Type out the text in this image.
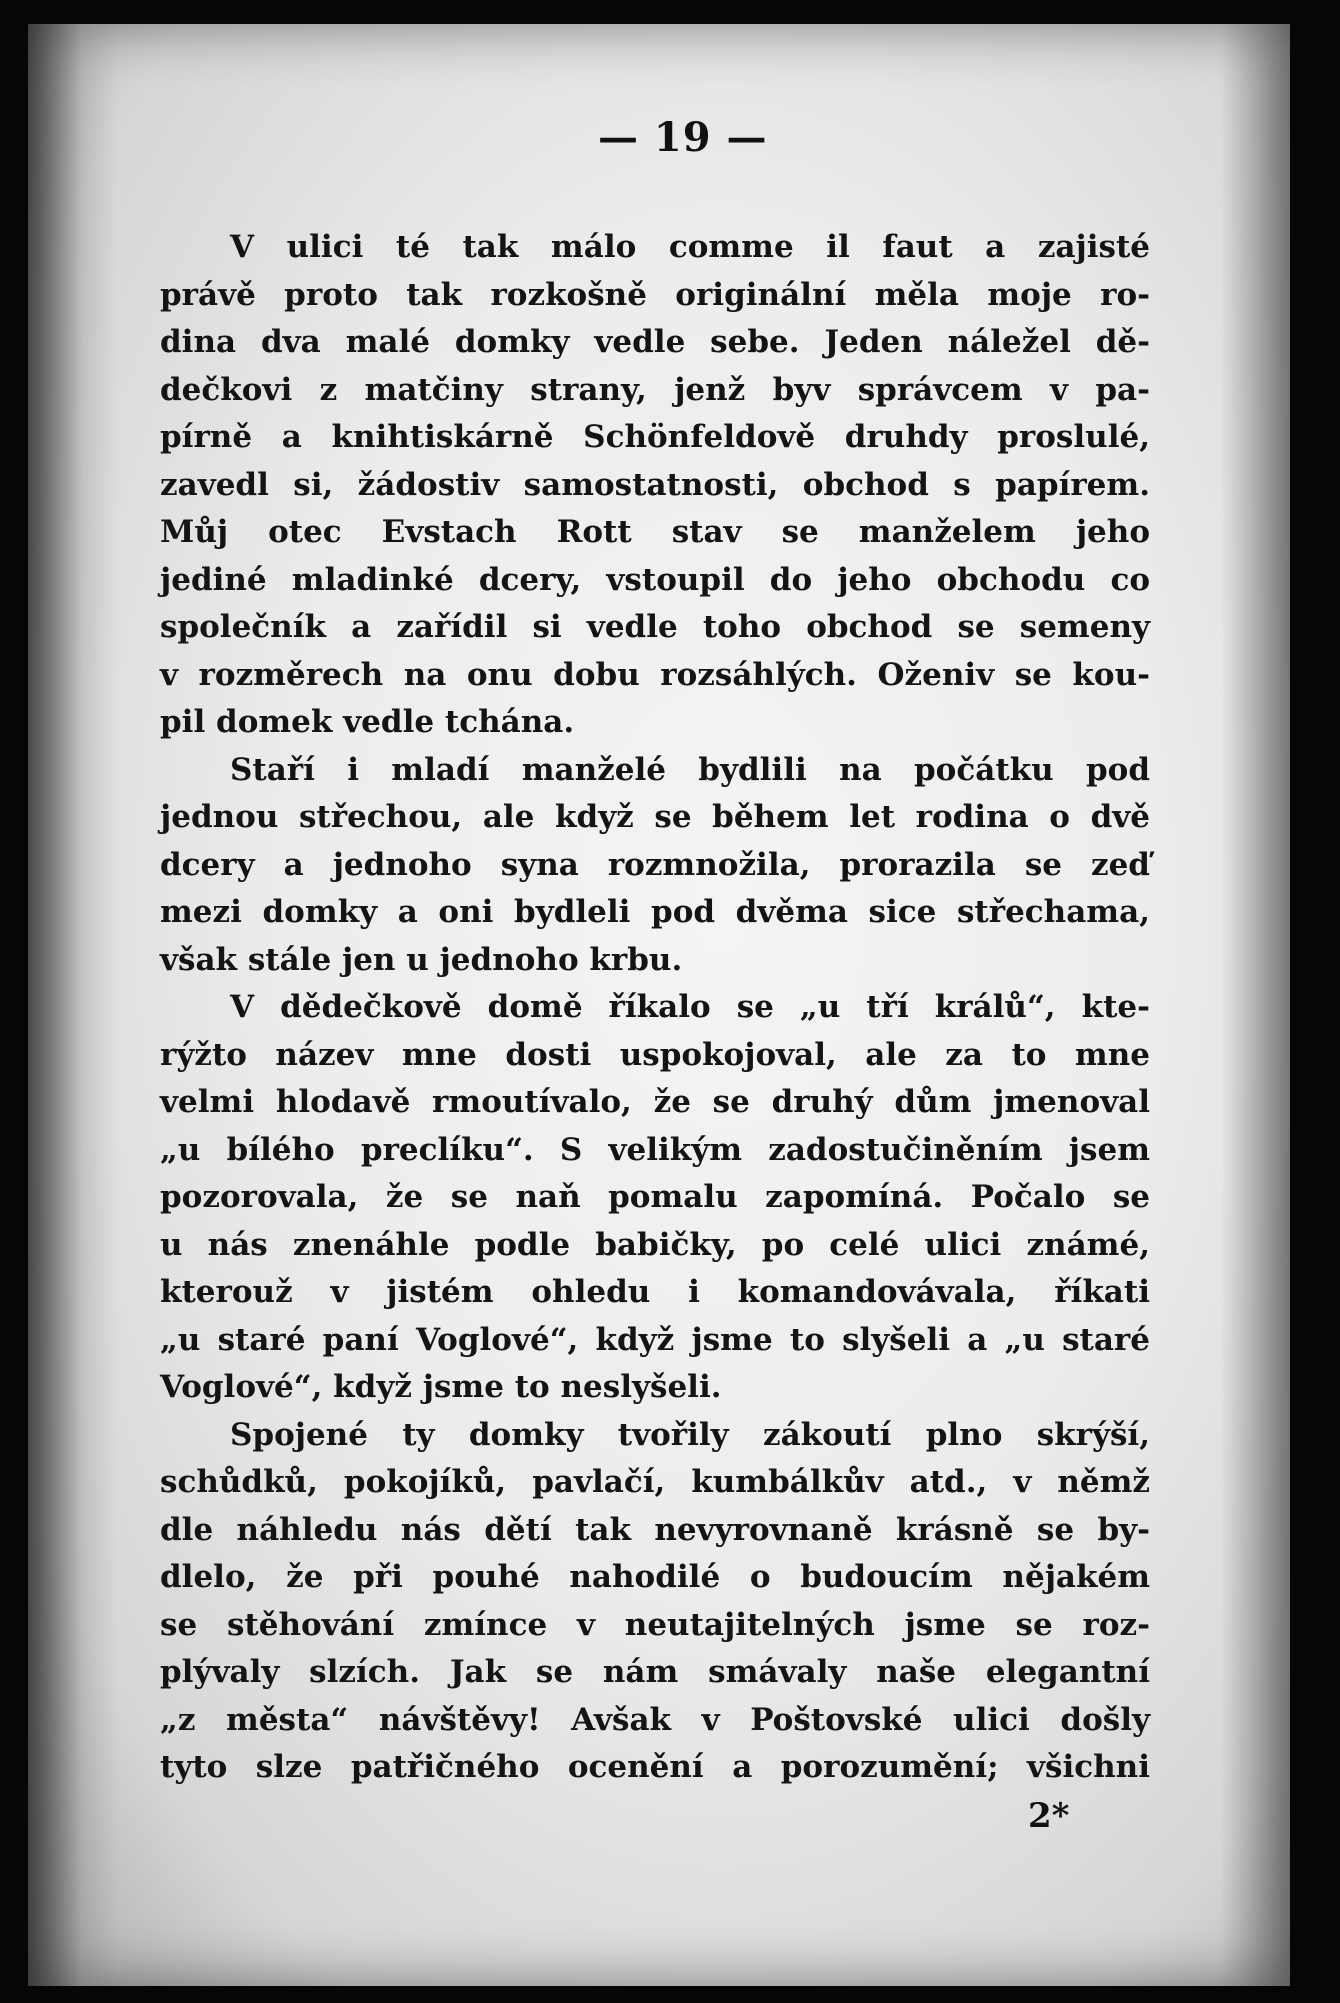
— 19 —
V ulici té tak málo comme il faut a zajisté
právě proto tak rozkošně originální měla moje ro-
dina dva malé domky vedle sebe. Jeden náležel dě-
dečkovi z matčiny strany, jenž byv správcem v pa-
pírně a knihtiskárně Schönfeldově druhdy proslulé,
zavedl si, žádostiv samostatnosti, obchod s papírem.
Můj otec Evstach Rott stav se manželem jeho
jediné mladinké dcery, vstoupil do jeho obchodu co
společník a zařídil si vedle toho obchod se semeny
v rozměrech na onu dobu rozsáhlých. Oženiv se kou-
pil domek vedle tchána.
Staří i mladí manželé bydlili na počátku pod
jednou střechou, ale když se během let rodina o dvě
dcery a jednoho syna rozmnožila, prorazila se zeď
mezi domky a oni bydleli pod dvěma sice střechama,
však stále jen u jednoho krbu.
V dědečkově domě říkalo se „u tří králů“, kte-
rýžto název mne dosti uspokojoval, ale za to mne
velmi hlodavě rmoutívalo, že se druhý dům jmenoval
„u bílého preclíku“. S velikým zadostučiněním jsem
pozorovala, že se naň pomalu zapomíná. Počalo se
u nás znenáhle podle babičky, po celé ulici známé,
kterouž v jistém ohledu i komandovávala, říkati
„u staré paní Voglové“, když jsme to slyšeli a „u staré
Voglové“, když jsme to neslyšeli.
Spojené ty domky tvořily zákoutí plno skrýší,
schůdků, pokojíků, pavlačí, kumbálkův atd., v němž
dle náhledu nás dětí tak nevyrovnaně krásně se by-
dlelo, že při pouhé nahodilé o budoucím nějakém
se stěhování zmínce v neutajitelných jsme se roz-
plývaly slzích. Jak se nám smávaly naše elegantní
„z města“ návštěvy! Avšak v Poštovské ulici došly
tyto slze patřičného ocenění a porozumění; všichni
2*
